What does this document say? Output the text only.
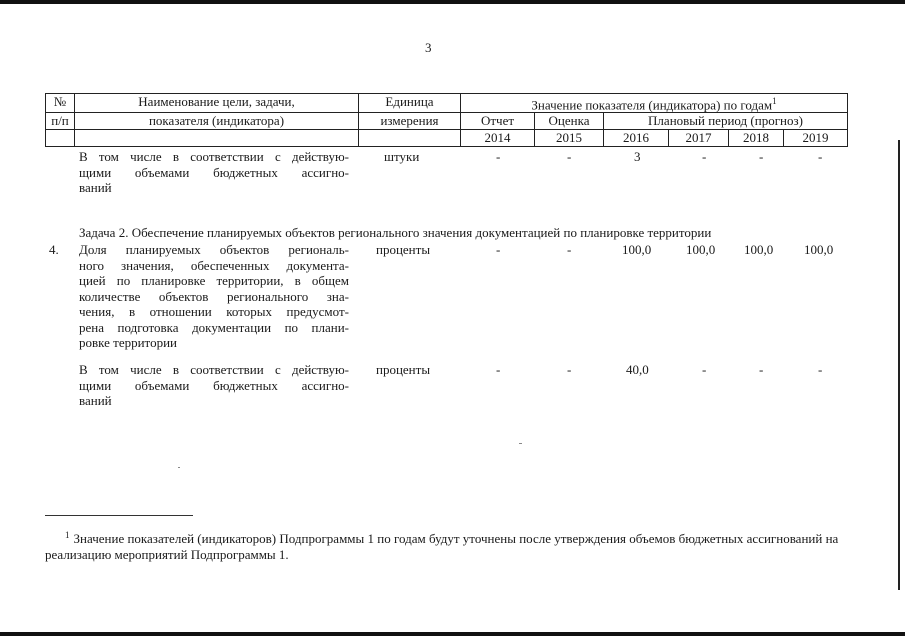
3
№	Наименование цели, задачи,	Единица	Значение показателя (индикатора) по годам$^1$
п/п	показателя (индикатора)	измерения	Отчет	Оценка	Плановый период (прогноз)			
			2014	2015	2016	2017	2018	2019
В том числе в соответствии с действую-
щими объемами бюджетных ассигно-
ваний
штуки	-	-	3	-	-	-
Задача 2. Обеспечение планируемых объектов регионального значения документацией по планировке территории
4. Доля планируемых объектов региональ-
ного значения, обеспеченных документа-
цией по планировке территории, в общем
количестве объектов регионального зна-
чения, в отношении которых предусмот-
рена подготовка документации по плани-
ровке территории
проценты	-	-	100,0	100,0 100,0 100,0
В том числе в соответствии с действую-
щими объемами бюджетных ассигно-
ваний
проценты	-	-	40,0	-	-	-
$^1$ Значение показателей (индикаторов) Подпрограммы 1 по годам будут уточнены после утверждения объемов бюджетных ассигнований на реализацию мероприятий Подпрограммы 1.
